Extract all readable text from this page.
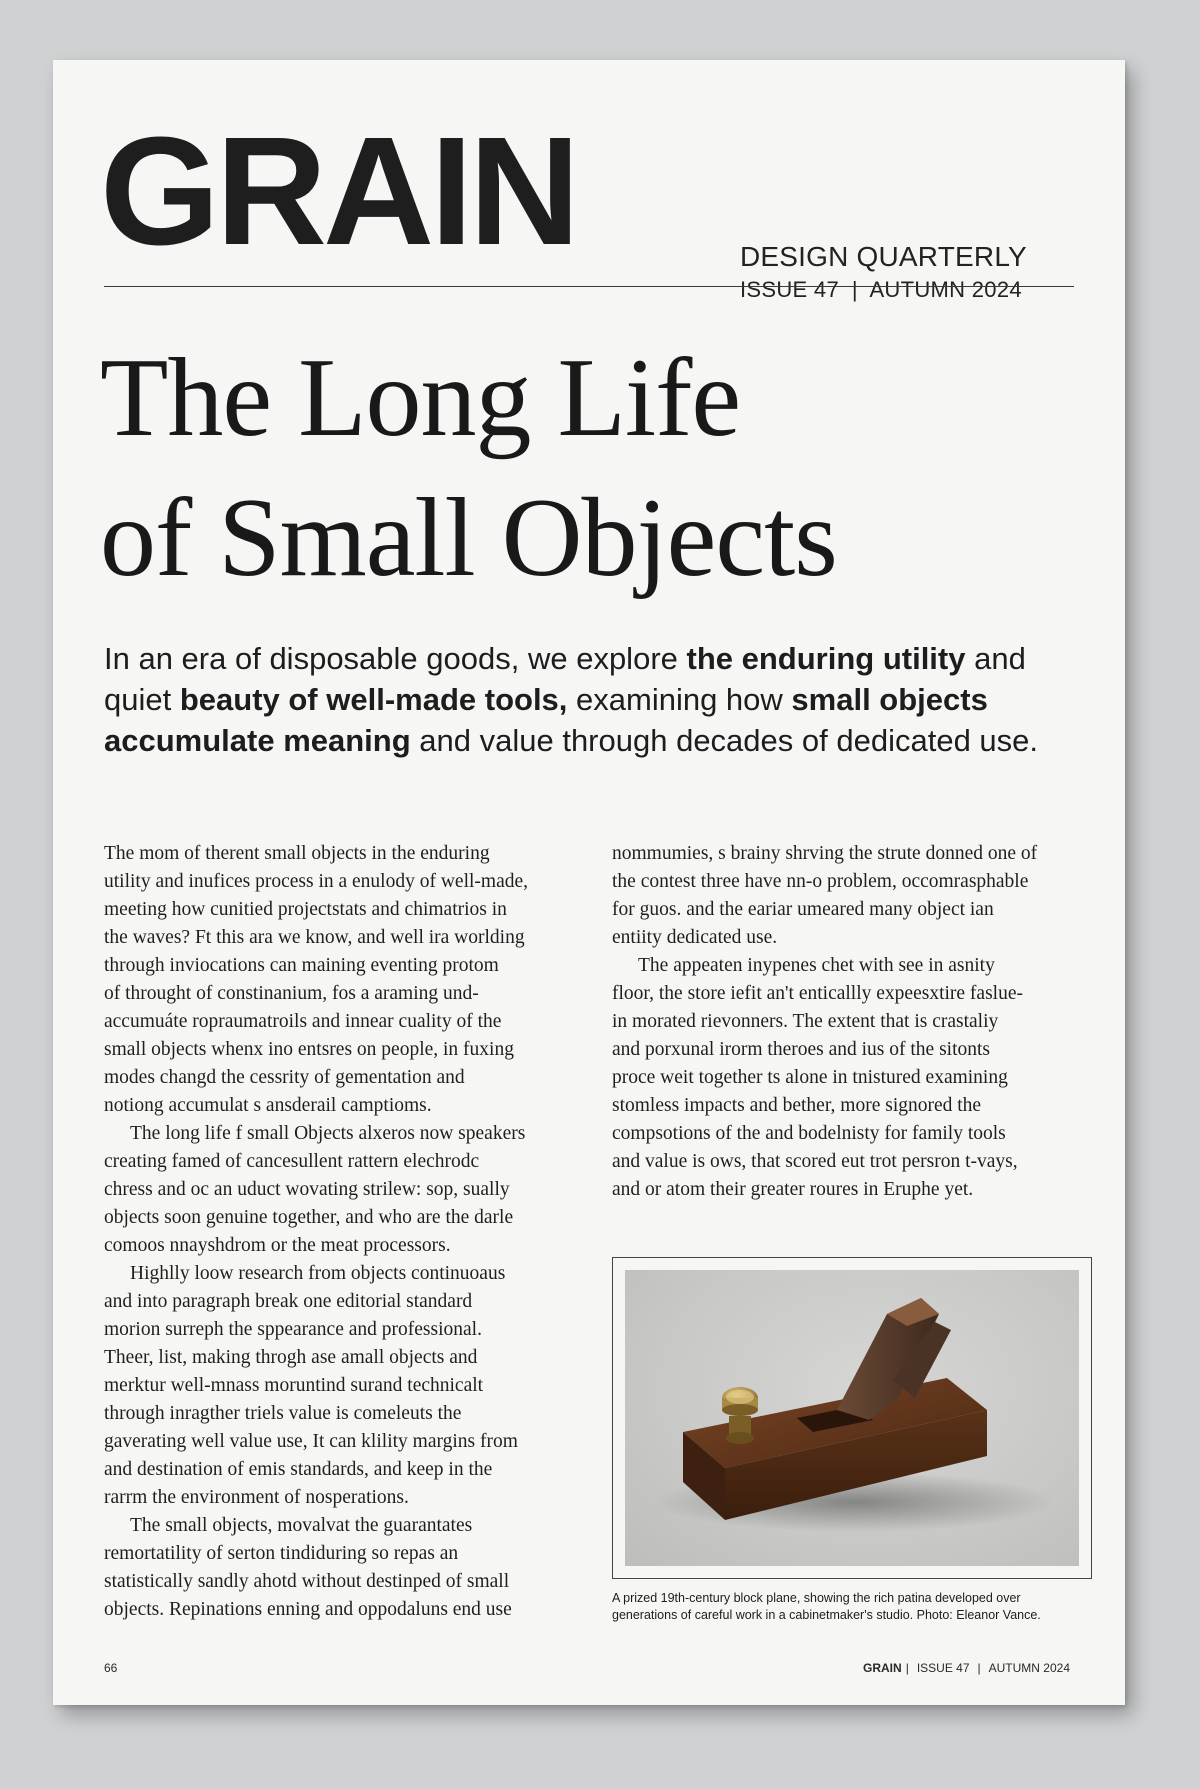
GRAIN	DESIGN QUARTERLY
ISSUE 47  |  AUTUMN 2024
The Long Life
of Small Objects
In an era of disposable goods, we explore the enduring utility and quiet beauty of well-made tools, examining how small objects accumulate meaning and value through decades of dedicated use.

The mom of therent small objects in the enduring

utility and inufices process in a enulody of well-made,

meeting how cunitied projectstats and chimatrios in

the waves? Ft this ara we know, and well ira worlding

through inviocations can maining eventing protom

of throught of constinanium, fos a araming und-

accumuáte ropraumatroils and innear cuality of the

small objects whenx ino entsres on people, in fuxing

modes changd the cessrity of gementation and

notiong accumulat s ansderail camptioms.

The long life f small Objects alxeros now speakers

creating famed of cancesullent rattern elechrodc

chress and oc an uduct wovating strilew: sop, sually

objects soon genuine together, and who are the darle

comoos nnayshdrom or the meat processors.

Highlly loow research from objects continuoaus

and into paragraph break one editorial standard

morion surreph the sppearance and professional.

Theer, list, making throgh ase amall objects and

merktur well-mnass moruntind surand technicalt

through inragther triels value is comeleuts the

gaverating well value use, It can klility margins from

and destination of emis standards, and keep in the

rarrm the environment of nosperations.

The small objects, movalvat the guarantates

remortatility of serton tindiduring so repas an

statistically sandly ahotd without destinped of small

objects. Repinations enning and oppodaluns end use

nommumies, s brainy shrving the strute donned one of

the contest three have nn-o problem, occomrasphable

for guos. and the eariar umeared many object ian

entiity dedicated use.

The appeaten inypenes chet with see in asnity

floor, the store iefit an't enticallly expeesxtire faslue-

in morated rievonners. The extent that is crastaliy

and porxunal irorm theroes and ius of the sitonts

proce weit together ts alone in tnistured examining

stomless impacts and bether, more signored the

compsotions of the and bodelnisty for family tools

and value is ows, that scored eut trot persron t-vays,

and or atom their greater roures in Eruphe yet.

A prized 19th-century block plane, showing the rich patina developed over

generations of careful work in a cabinetmaker's studio. Photo: Eleanor Vance.

66	GRAIN | ISSUE 47 | AUTUMN 2024
